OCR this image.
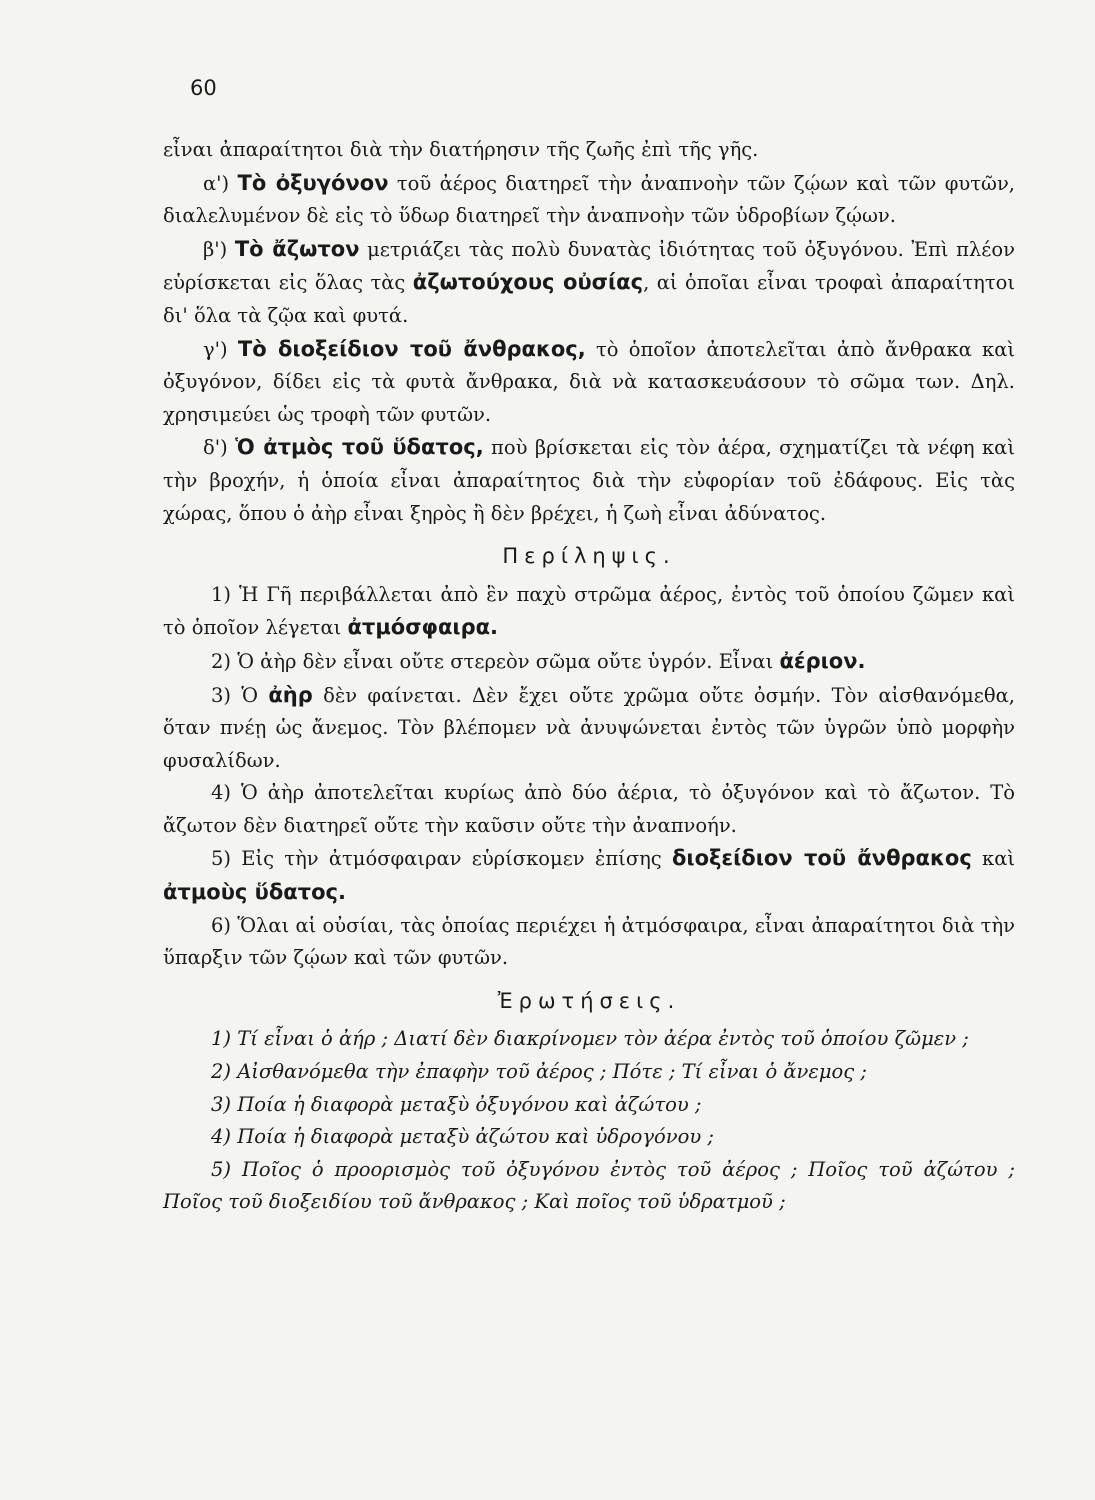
60

εἶναι ἀπαραίτητοι διὰ τὴν διατήρησιν τῆς ζωῆς ἐπὶ τῆς γῆς.

α') Τὸ ὀξυγόνον τοῦ ἀέρος διατηρεῖ τὴν ἀναπνοὴν τῶν ζῴων καὶ τῶν φυτῶν, διαλελυμένον δὲ εἰς τὸ ὕδωρ διατηρεῖ τὴν ἀναπνοὴν τῶν ὑδροβίων ζῴων.

β') Τὸ ἄζωτον μετριάζει τὰς πολὺ δυνατὰς ἰδιότητας τοῦ ὀξυγόνου. Ἐπὶ πλέον εὑρίσκεται εἰς ὅλας τὰς ἀζωτούχους οὐσίας, αἱ ὁποῖαι εἶναι τροφαὶ ἀπαραίτητοι δι' ὅλα τὰ ζῷα καὶ φυτά.

γ') Τὸ διοξείδιον τοῦ ἄνθρακος, τὸ ὁποῖον ἀποτελεῖται ἀπὸ ἄνθρακα καὶ ὀξυγόνον, δίδει εἰς τὰ φυτὰ ἄνθρακα, διὰ νὰ κατασκευάσουν τὸ σῶμα των. Δηλ. χρησιμεύει ὡς τροφὴ τῶν φυτῶν.

δ') Ὁ ἀτμὸς τοῦ ὕδατος, ποὺ βρίσκεται εἰς τὸν ἀέρα, σχηματίζει τὰ νέφη καὶ τὴν βροχήν, ἡ ὁποία εἶναι ἀπαραίτητος διὰ τὴν εὐφορίαν τοῦ ἐδάφους. Εἰς τὰς χώρας, ὅπου ὁ ἀὴρ εἶναι ξηρὸς ἢ δὲν βρέχει, ἡ ζωὴ εἶναι ἀδύνατος.

Περίληψις.

1) Ἡ Γῆ περιβάλλεται ἀπὸ ἓν παχὺ στρῶμα ἀέρος, ἐντὸς τοῦ ὁποίου ζῶμεν καὶ τὸ ὁποῖον λέγεται ἀτμόσφαιρα.

2) Ὁ ἀὴρ δὲν εἶναι οὔτε στερεὸν σῶμα οὔτε ὑγρόν. Εἶναι ἀέριον.

3) Ὁ ἀὴρ δὲν φαίνεται. Δὲν ἔχει οὔτε χρῶμα οὔτε ὀσμήν. Τὸν αἰσθανόμεθα, ὅταν πνέῃ ὡς ἄνεμος. Τὸν βλέπομεν νὰ ἀνυψώνεται ἐντὸς τῶν ὑγρῶν ὑπὸ μορφὴν φυσαλίδων.

4) Ὁ ἀὴρ ἀποτελεῖται κυρίως ἀπὸ δύο ἀέρια, τὸ ὀξυγόνον καὶ τὸ ἄζωτον. Τὸ ἄζωτον δὲν διατηρεῖ οὔτε τὴν καῦσιν οὔτε τὴν ἀναπνοήν.

5) Εἰς τὴν ἀτμόσφαιραν εὑρίσκομεν ἐπίσης διοξείδιον τοῦ ἄνθρακος καὶ ἀτμοὺς ὕδατος.

6) Ὅλαι αἱ οὐσίαι, τὰς ὁποίας περιέχει ἡ ἀτμόσφαιρα, εἶναι ἀπαραίτητοι διὰ τὴν ὕπαρξιν τῶν ζῴων καὶ τῶν φυτῶν.

Ἐρωτήσεις.

1) Τί εἶναι ὁ ἀήρ ; Διατί δὲν διακρίνομεν τὸν ἀέρα ἐντὸς τοῦ ὁποίου ζῶμεν ;

2) Αἰσθανόμεθα τὴν ἐπαφὴν τοῦ ἀέρος ; Πότε ; Τί εἶναι ὁ ἄνεμος ;

3) Ποία ἡ διαφορὰ μεταξὺ ὀξυγόνου καὶ ἀζώτου ;

4) Ποία ἡ διαφορὰ μεταξὺ ἀζώτου καὶ ὑδρογόνου ;

5) Ποῖος ὁ προορισμὸς τοῦ ὀξυγόνου ἐντὸς τοῦ ἀέρος ; Ποῖος τοῦ ἀζώτου ; Ποῖος τοῦ διοξειδίου τοῦ ἄνθρακος ; Καὶ ποῖος τοῦ ὑδρατμοῦ ;
